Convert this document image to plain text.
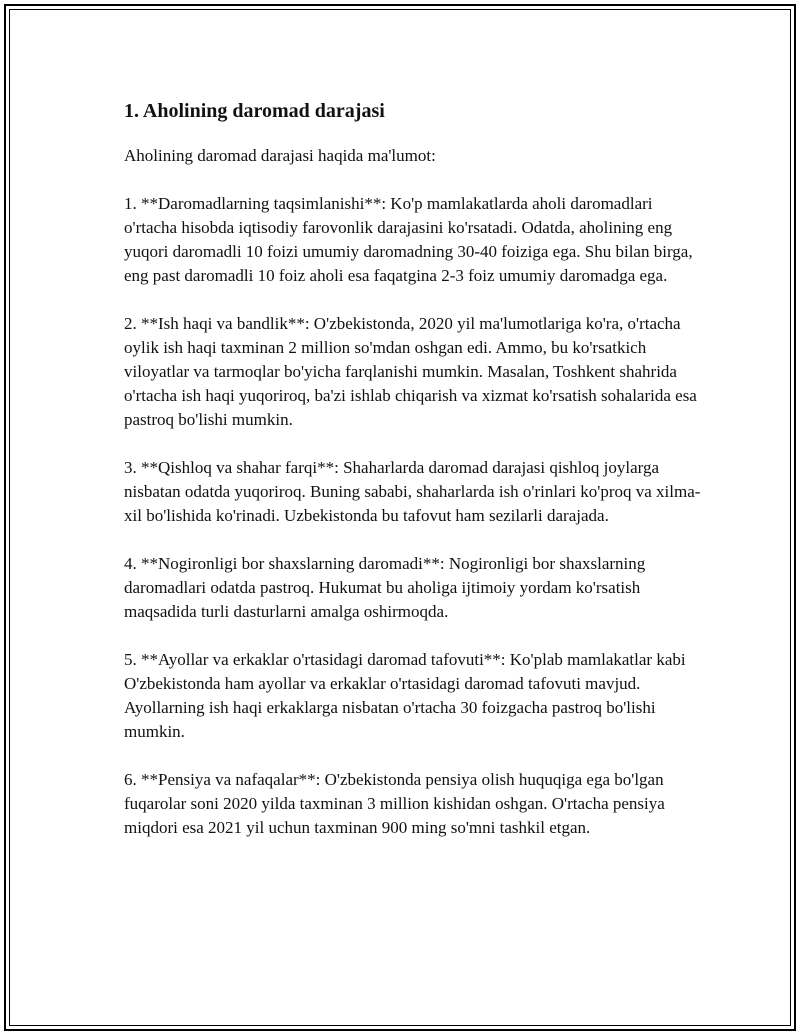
1. Aholining daromad darajasi

Aholining daromad darajasi haqida ma'lumot:

1. **Daromadlarning taqsimlanishi**: Ko'p mamlakatlarda aholi daromadlari o'rtacha hisobda iqtisodiy farovonlik darajasini ko'rsatadi. Odatda, aholining eng yuqori daromadli 10 foizi umumiy daromadning 30-40 foiziga ega. Shu bilan birga, eng past daromadli 10 foiz aholi esa faqatgina 2-3 foiz umumiy daromadga ega.

2. **Ish haqi va bandlik**: O'zbekistonda, 2020 yil ma'lumotlariga ko'ra, o'rtacha oylik ish haqi taxminan 2 million so'mdan oshgan edi. Ammo, bu ko'rsatkich viloyatlar va tarmoqlar bo'yicha farqlanishi mumkin. Masalan, Toshkent shahrida o'rtacha ish haqi yuqoriroq, ba'zi ishlab chiqarish va xizmat ko'rsatish sohalarida esa pastroq bo'lishi mumkin.

3. **Qishloq va shahar farqi**: Shaharlarda daromad darajasi qishloq joylarga nisbatan odatda yuqoriroq. Buning sababi, shaharlarda ish o'rinlari ko'proq va xilma-xil bo'lishida ko'rinadi. Uzbekistonda bu tafovut ham sezilarli darajada.

4. **Nogironligi bor shaxslarning daromadi**: Nogironligi bor shaxslarning daromadlari odatda pastroq. Hukumat bu aholiga ijtimoiy yordam ko'rsatish maqsadida turli dasturlarni amalga oshirmoqda.

5. **Ayollar va erkaklar o'rtasidagi daromad tafovuti**: Ko'plab mamlakatlar kabi O'zbekistonda ham ayollar va erkaklar o'rtasidagi daromad tafovuti mavjud. Ayollarning ish haqi erkaklarga nisbatan o'rtacha 30 foizgacha pastroq bo'lishi mumkin.

6. **Pensiya va nafaqalar**: O'zbekistonda pensiya olish huquqiga ega bo'lgan fuqarolar soni 2020 yilda taxminan 3 million kishidan oshgan. O'rtacha pensiya miqdori esa 2021 yil uchun taxminan 900 ming so'mni tashkil etgan.
